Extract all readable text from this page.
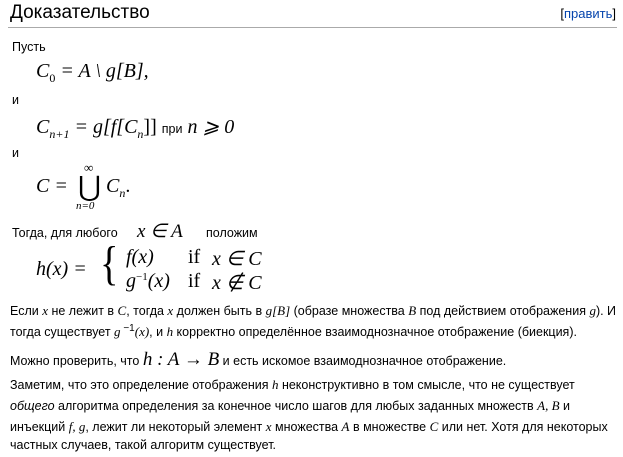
Доказательство	[править]
Пусть
$C_0 = A$ \ g[B],
и
$C_{n+1} = g[f[C_n]]$ при n ⩾ 0
и
C =
∞
⋃
n=0
$C_n$.
Тогда, для любого x ∈ A положим
h(x) = { f(x) if x ∈ C
$g^{-1}(x)$ if x ∉ C
Если x не лежит в C, тогда x должен быть в g[B] (образе множества B под действием отображения g). И
тогда существует g $^{-1}$(x), и h корректно определённое взаимоднозначное отображение (биекция).
Можно проверить, что h : A → B и есть искомое взаимоднозначное отображение.
Заметим, что это определение отображения h неконструктивно в том смысле, что не существует
общего алгоритма определения за конечное число шагов для любых заданных множеств A, B и
инъекций f, g, лежит ли некоторый элемент x множества A в множестве C или нет. Хотя для некоторых
частных случаев, такой алгоритм существует.
